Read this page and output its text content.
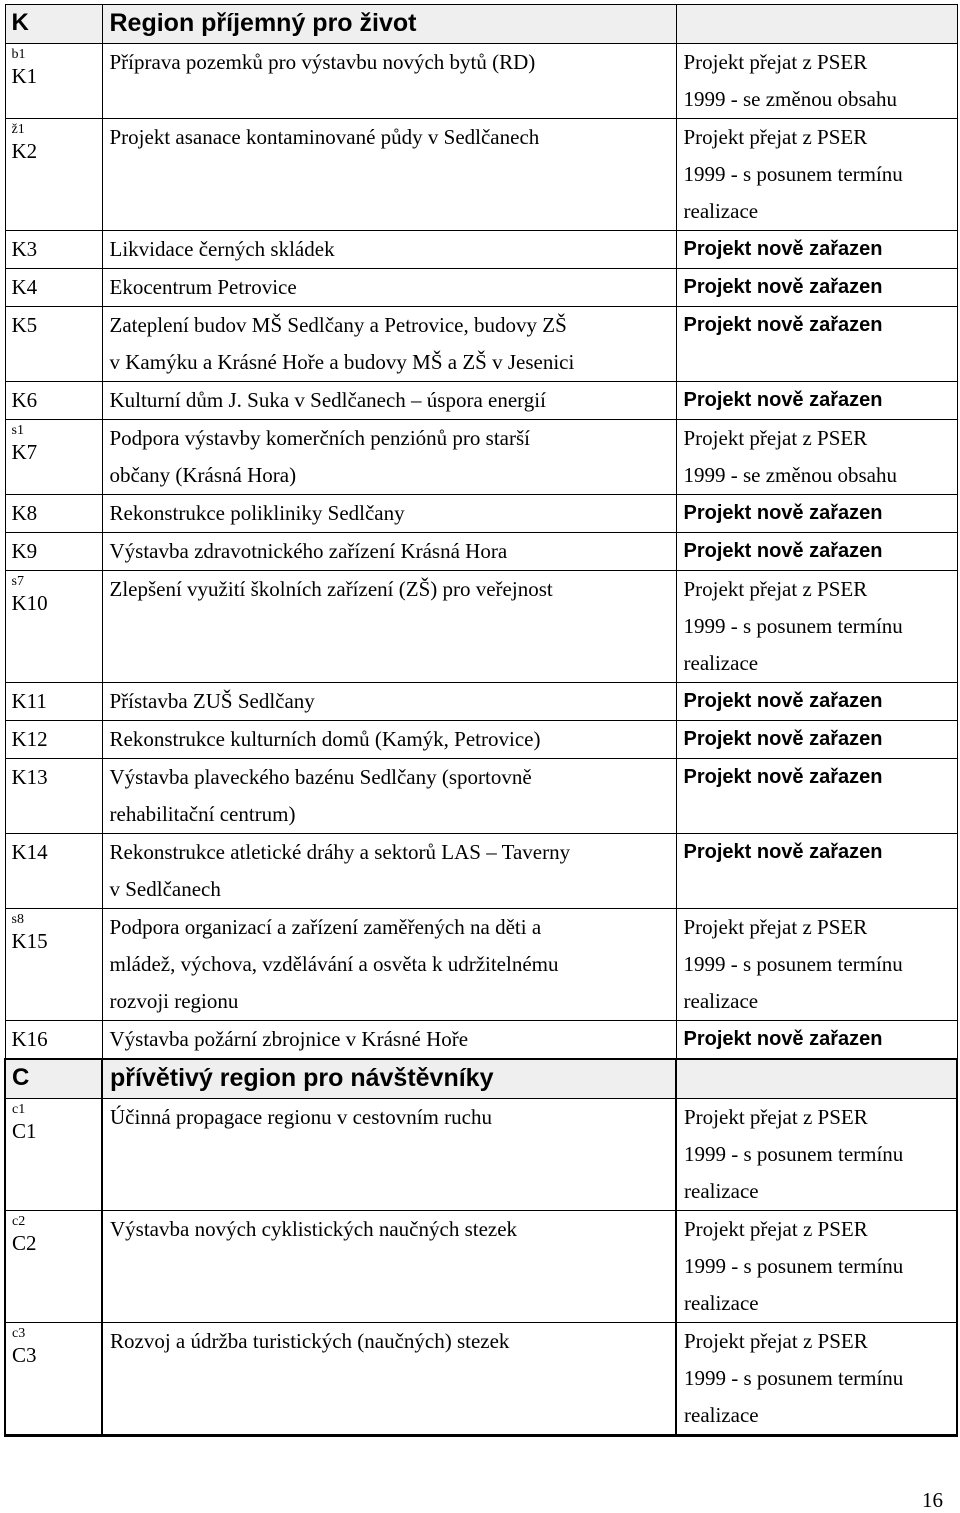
K	Region příjemný pro život	

b1
K1	Příprava pozemků pro výstavbu nových bytů (RD)	Projekt přejat z PSER
1999 - se změnou obsahu

ž1
K2	Projekt asanace kontaminované půdy v Sedlčanech	Projekt přejat z PSER
1999 - s posunem termínu
realizace

K3	Likvidace černých skládek	Projekt nově zařazen

K4	Ekocentrum Petrovice	Projekt nově zařazen

K5	Zateplení budov MŠ Sedlčany a Petrovice, budovy ZŠ
v Kamýku a Krásné Hoře a budovy MŠ a ZŠ v Jesenici	Projekt nově zařazen

K6	Kulturní dům J. Suka v Sedlčanech – úspora energií	Projekt nově zařazen

s1
K7	Podpora výstavby komerčních penziónů pro starší
občany (Krásná Hora)	Projekt přejat z PSER
1999 - se změnou obsahu

K8	Rekonstrukce polikliniky Sedlčany	Projekt nově zařazen

K9	Výstavba zdravotnického zařízení Krásná Hora	Projekt nově zařazen

s7
K10	Zlepšení využití školních zařízení (ZŠ) pro veřejnost	Projekt přejat z PSER
1999 - s posunem termínu
realizace

K11	Přístavba ZUŠ Sedlčany	Projekt nově zařazen

K12	Rekonstrukce kulturních domů (Kamýk, Petrovice)	Projekt nově zařazen

K13	Výstavba plaveckého bazénu Sedlčany (sportovně
rehabilitační centrum)	Projekt nově zařazen

K14	Rekonstrukce atletické dráhy a sektorů LAS – Taverny
v Sedlčanech	Projekt nově zařazen

s8
K15	Podpora organizací a zařízení zaměřených na děti a
mládež, výchova, vzdělávání a osvěta k udržitelnému
rozvoji regionu	Projekt přejat z PSER
1999 - s posunem termínu
realizace

K16	Výstavba požární zbrojnice v Krásné Hoře	Projekt nově zařazen

C	přívětivý region pro návštěvníky	

c1
C1	Účinná propagace regionu v cestovním ruchu	Projekt přejat z PSER
1999 - s posunem termínu
realizace

c2
C2	Výstavba nových cyklistických naučných stezek	Projekt přejat z PSER
1999 - s posunem termínu
realizace

c3
C3	Rozvoj a údržba turistických (naučných) stezek	Projekt přejat z PSER
1999 - s posunem termínu
realizace
16
